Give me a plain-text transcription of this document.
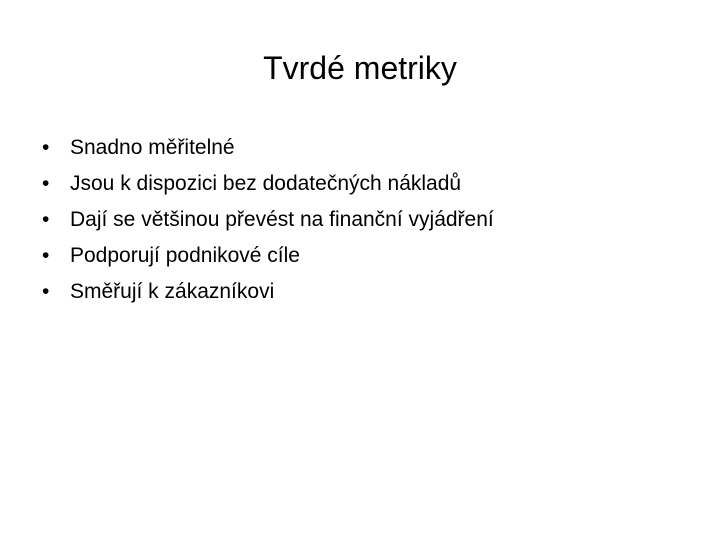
Tvrdé metriky
• Snadno měřitelné
• Jsou k dispozici bez dodatečných nákladů
• Dají se většinou převést na finanční vyjádření
• Podporují podnikové cíle
• Směřují k zákazníkovi
